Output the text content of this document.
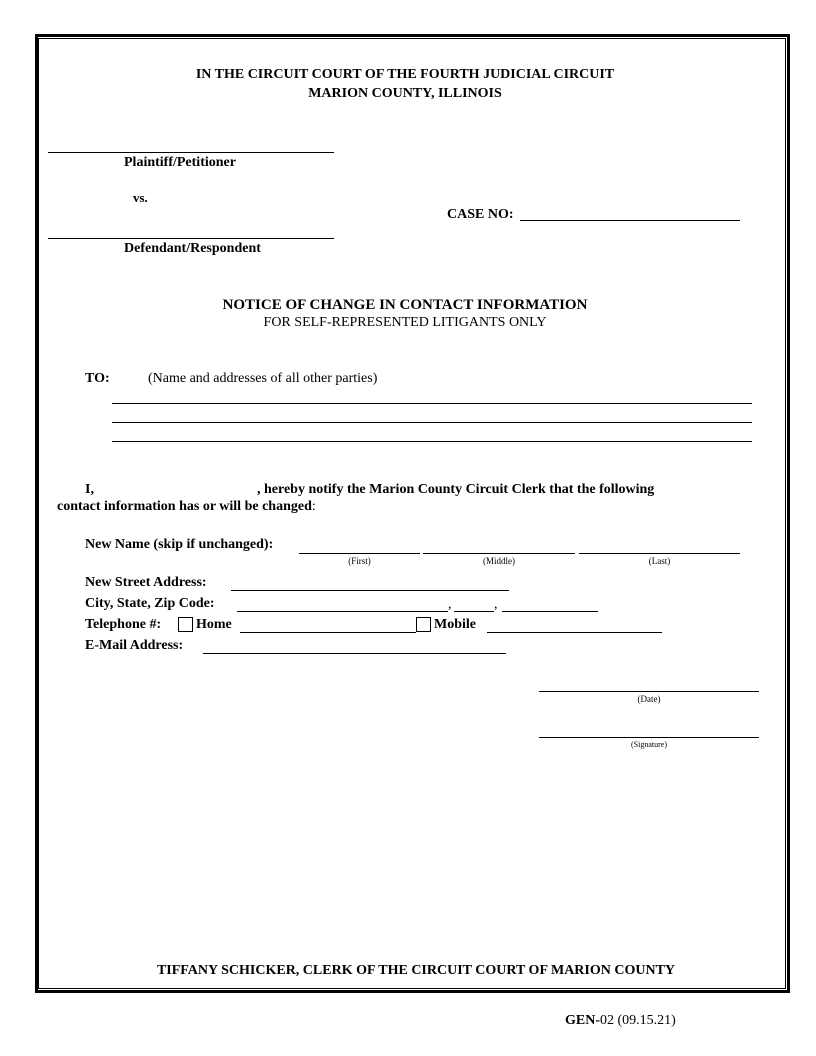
IN THE CIRCUIT COURT OF THE FOURTH JUDICIAL CIRCUIT
MARION COUNTY, ILLINOIS
Plaintiff/Petitioner
vs.
CASE NO:
Defendant/Respondent
NOTICE OF CHANGE IN CONTACT INFORMATION
FOR SELF-REPRESENTED LITIGANTS ONLY
TO:	(Name and addresses of all other parties)
I,	, hereby notify the Marion County Circuit Clerk that the following
contact information has or will be changed:
New Name (skip if unchanged):
(First)	(Middle)	(Last)
New Street Address:
City, State, Zip Code:	,	,
Telephone #: Home	Mobile
E-Mail Address:
(Date)
(Signature)
TIFFANY SCHICKER, CLERK OF THE CIRCUIT COURT OF MARION COUNTY
GEN-02 (09.15.21)
